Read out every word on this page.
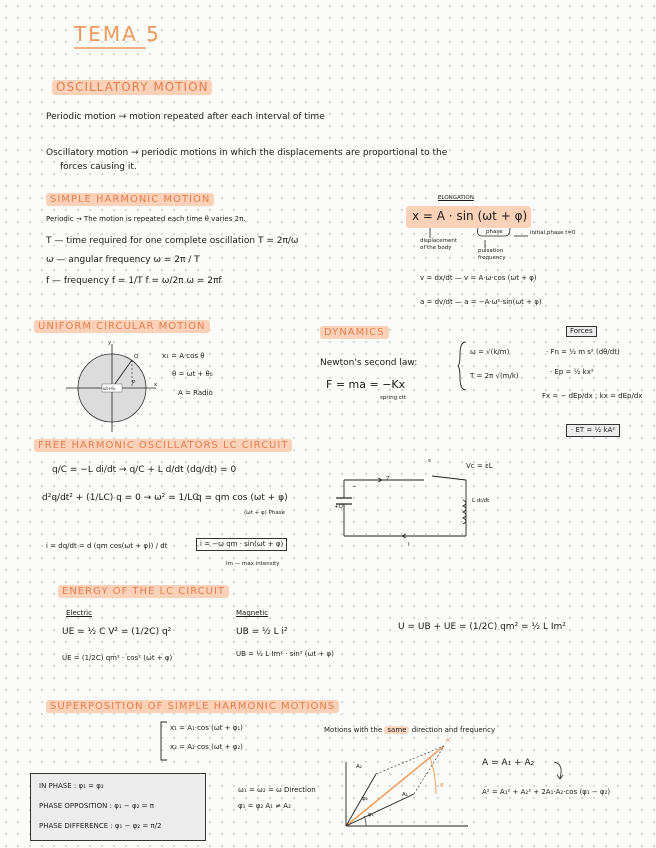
TEMA 5
OSCILLATORY MOTION
Periodic motion → motion repeated after each interval of time
Oscillatory motion → periodic motions in which the displacements are proportional to the
forces causing it.
SIMPLE HARMONIC MOTION
Periodic → The motion is repeated each time θ varies 2π.
T — time required for one complete oscillation T = 2π/ω
ω — angular frequency ω = 2π / T
f — frequency f = 1/T f = ω/2π ω = 2πf
ELONGATION
x = A · sin (ωt + φ)
displacement of the body
phase	initial phase t=0
pulsation frequency
v = dx/dt — v = A·ω·cos (ωt + φ)
a = dv/dt — a = −A·ω²·sin(ωt + φ)
UNIFORM CIRCULAR MOTION
y
x
Q
P
ωt+θ₀
x₁ = A·cos θ
θ = ωt + θ₀
A = Radio
DYNAMICS
Newton's second law:
F = ma = −Kx
spring ctt
ω = √(k/m)
T = 2π √(m/k)
Forces
· Fn = ½ m s² (dθ/dt)
· Ep = ½ kx²
Fx = − dEp/dx ; kx = dEp/dx
· ET = ½ kA²
FREE HARMONIC OSCILLATORS LC CIRCUIT
q/C = −L di/dt → q/C + L d/dt (dq/dt) = 0
d²q/dt² + (1/LC) q = 0 → ω² = 1/LC
q = qm cos (ωt + φ)
(ωt + φ) Phase
i = dq/dt = d (qm cos(ωt + φ)) / dt	i = −ω qm · sin(ωt + φ)
Im — max intensity
s
Vc = εL
−
+Q
Z
I
L di/dt
ENERGY OF THE LC CIRCUIT
Electric
UE = ½ C V² = (1/2C) q²
UE = (1/2C) qm² · cos² (ωt + φ)
Magnetic
UB = ½ L i²
UB = ½ L Im² · sin² (ωt + φ)
U = UB + UE = (1/2C) qm² = ½ L Im²
SUPERPOSITION OF SIMPLE HARMONIC MOTIONS
x₁ = A₁·cos (ωt + φ₁)
x₂ = A₂·cos (ωt + φ₂)
Motions with the same direction and frequency
ω₁ = ω₂ = ω Direction
φ₁ = φ₂ A₁ ≠ A₂
A
A₂
A₁
φ
φ₁
φ₂
A = A₁ + A₂
A² = A₁² + A₂² + 2A₁·A₂·cos (φ₁ − φ₂)
IN PHASE : φ₁ = φ₂
PHASE OPPOSITION : φ₁ − φ₂ = π
PHASE DIFFERENCE : φ₁ − φ₂ = π/2
